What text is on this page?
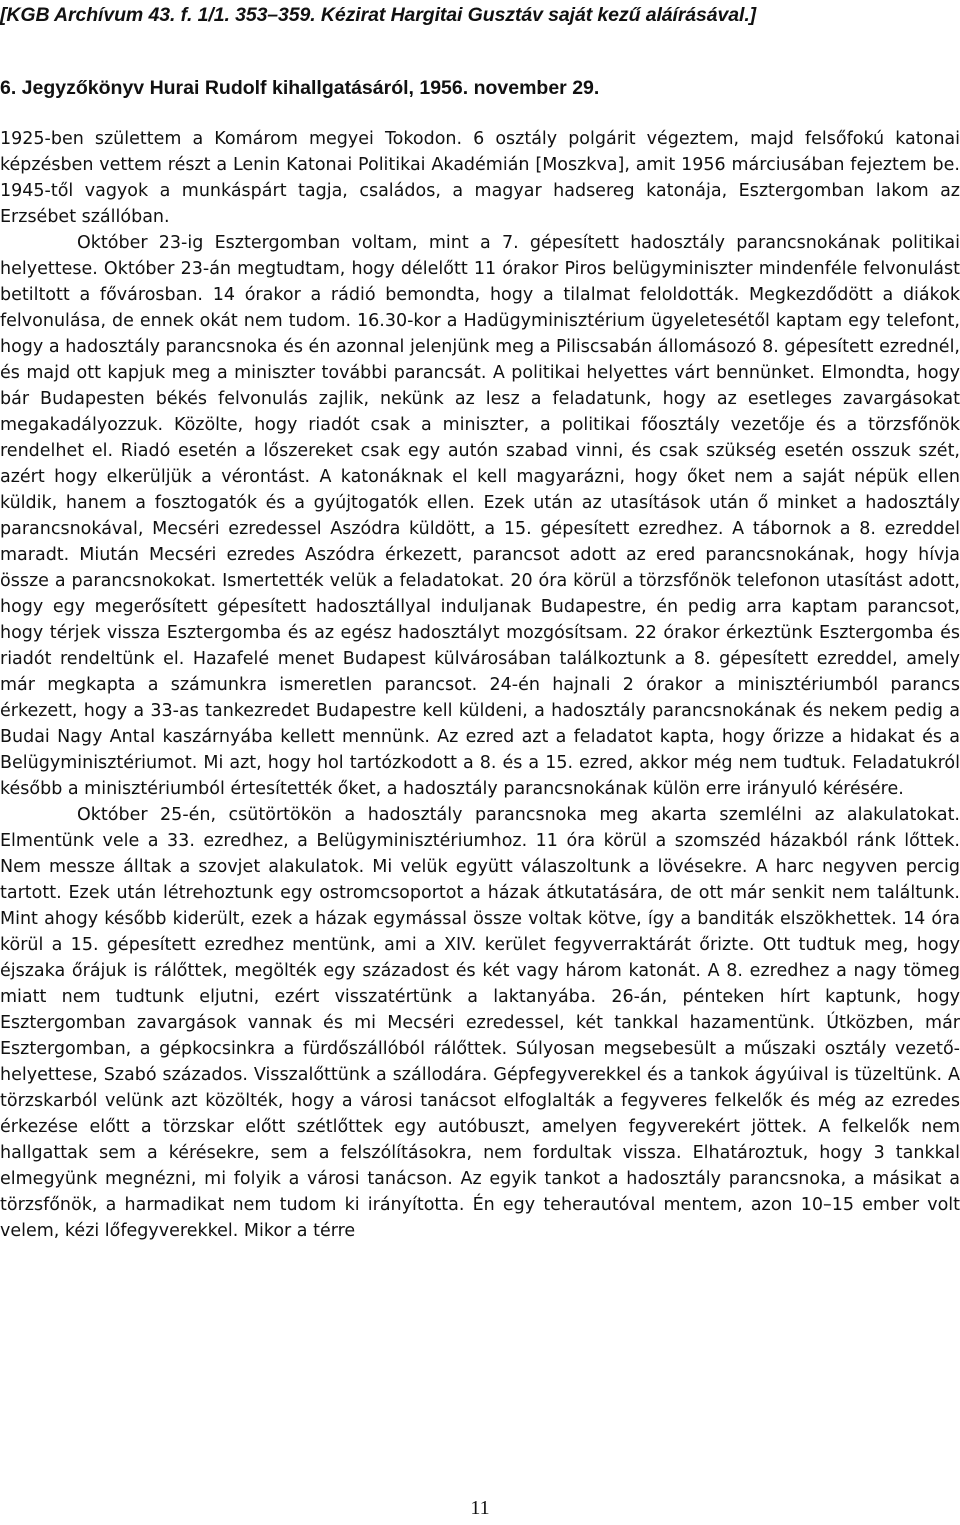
[KGB Archívum 43. f. 1/1. 353–359. Kézirat Hargitai Gusztáv saját kezű aláírásával.]
6. Jegyzőkönyv Hurai Rudolf kihallgatásáról, 1956. november 29.

1925-ben születtem a Komárom megyei Tokodon. 6 osztály polgárit végeztem, majd felsőfokú katonai képzésben vettem részt a Lenin Katonai Politikai Akadémián [Moszkva], amit 1956 márciusában fejeztem be. 1945-től vagyok a munkáspárt tagja, családos, a magyar hadsereg katonája, Esztergomban lakom az Erzsébet szállóban.

Október 23-ig Esztergomban voltam, mint a 7. gépesített hadosztály parancsnokának politikai helyettese. Október 23-án megtudtam, hogy délelőtt 11 órakor Piros belügyminiszter mindenféle felvonulást betiltott a fővárosban. 14 órakor a rádió bemondta, hogy a tilalmat feloldották. Megkezdődött a diákok felvonulása, de ennek okát nem tudom. 16.30-kor a Hadügyminisztérium ügyeletesétől kaptam egy telefont, hogy a hadosztály parancsnoka és én azonnal jelenjünk meg a Piliscsabán állomásozó 8. gépesített ezrednél, és majd ott kapjuk meg a miniszter további parancsát. A politikai helyettes várt bennünket. Elmondta, hogy bár Budapesten békés felvonulás zajlik, nekünk az lesz a feladatunk, hogy az esetleges zavargásokat megakadályozzuk. Közölte, hogy riadót csak a miniszter, a politikai főosztály vezetője és a törzsfőnök rendelhet el. Riadó esetén a lőszereket csak egy autón szabad vinni, és csak szükség esetén osszuk szét, azért hogy elkerüljük a vérontást. A katonáknak el kell magyarázni, hogy őket nem a saját népük ellen küldik, hanem a fosztogatók és a gyújtogatók ellen. Ezek után az utasítások után ő minket a hadosztály parancsnokával, Mecséri ezredessel Aszódra küldött, a 15. gépesített ezredhez. A tábornok a 8. ezreddel maradt. Miután Mecséri ezredes Aszódra érkezett, parancsot adott az ered parancsnokának, hogy hívja össze a parancsnokokat. Ismertették velük a feladatokat. 20 óra körül a törzsfőnök telefonon utasítást adott, hogy egy megerősített gépesített hadosztállyal induljanak Budapestre, én pedig arra kaptam parancsot, hogy térjek vissza Esztergomba és az egész hadosztályt mozgósítsam. 22 órakor érkeztünk Esztergomba és riadót rendeltünk el. Hazafelé menet Budapest külvárosában találkoztunk a 8. gépesített ezreddel, amely már megkapta a számunkra ismeretlen parancsot. 24-én hajnali 2 órakor a minisztériumból parancs érkezett, hogy a 33-as tankezredet Budapestre kell küldeni, a hadosztály parancsnokának és nekem pedig a Budai Nagy Antal kaszárnyába kellett mennünk. Az ezred azt a feladatot kapta, hogy őrizze a hidakat és a Belügyminisztériumot. Mi azt, hogy hol tartózkodott a 8. és a 15. ezred, akkor még nem tudtuk. Feladatukról később a minisztériumból értesítették őket, a hadosztály parancsnokának külön erre irányuló kérésére.

Október 25-én, csütörtökön a hadosztály parancsnoka meg akarta szemlélni az alakulatokat. Elmentünk vele a 33. ezredhez, a Belügyminisztériumhoz. 11 óra körül a szomszéd házakból ránk lőttek. Nem messze álltak a szovjet alakulatok. Mi velük együtt válaszoltunk a lövésekre. A harc negyven percig tartott. Ezek után létrehoztunk egy ostromcsoportot a házak átkutatására, de ott már senkit nem találtunk. Mint ahogy később kiderült, ezek a házak egymással össze voltak kötve, így a banditák elszökhettek. 14 óra körül a 15. gépesített ezredhez mentünk, ami a XIV. kerület fegyverraktárát őrizte. Ott tudtuk meg, hogy éjszaka őrájuk is rálőttek, megölték egy századost és két vagy három katonát. A 8. ezredhez a nagy tömeg miatt nem tudtunk eljutni, ezért visszatértünk a laktanyába. 26-án, pénteken hírt kaptunk, hogy Esztergomban zavargások vannak és mi Mecséri ezredessel, két tankkal hazamentünk. Útközben, már Esztergomban, a gépkocsinkra a fürdőszállóból rálőttek. Súlyosan megsebesült a műszaki osztály vezető-helyettese, Szabó százados. Visszalőttünk a szállodára. Gépfegyverekkel és a tankok ágyúival is tüzeltünk. A törzskarból velünk azt közölték, hogy a városi tanácsot elfoglalták a fegyveres felkelők és még az ezredes érkezése előtt a törzskar előtt szétlőttek egy autóbuszt, amelyen fegyverekért jöttek. A felkelők nem hallgattak sem a kérésekre, sem a felszólításokra, nem fordultak vissza. Elhatároztuk, hogy 3 tankkal elmegyünk megnézni, mi folyik a városi tanácson. Az egyik tankot a hadosztály parancsnoka, a másikat a törzsfőnök, a harmadikat nem tudom ki irányította. Én egy teherautóval mentem, azon 10–15 ember volt velem, kézi lőfegyverekkel. Mikor a térre

11
